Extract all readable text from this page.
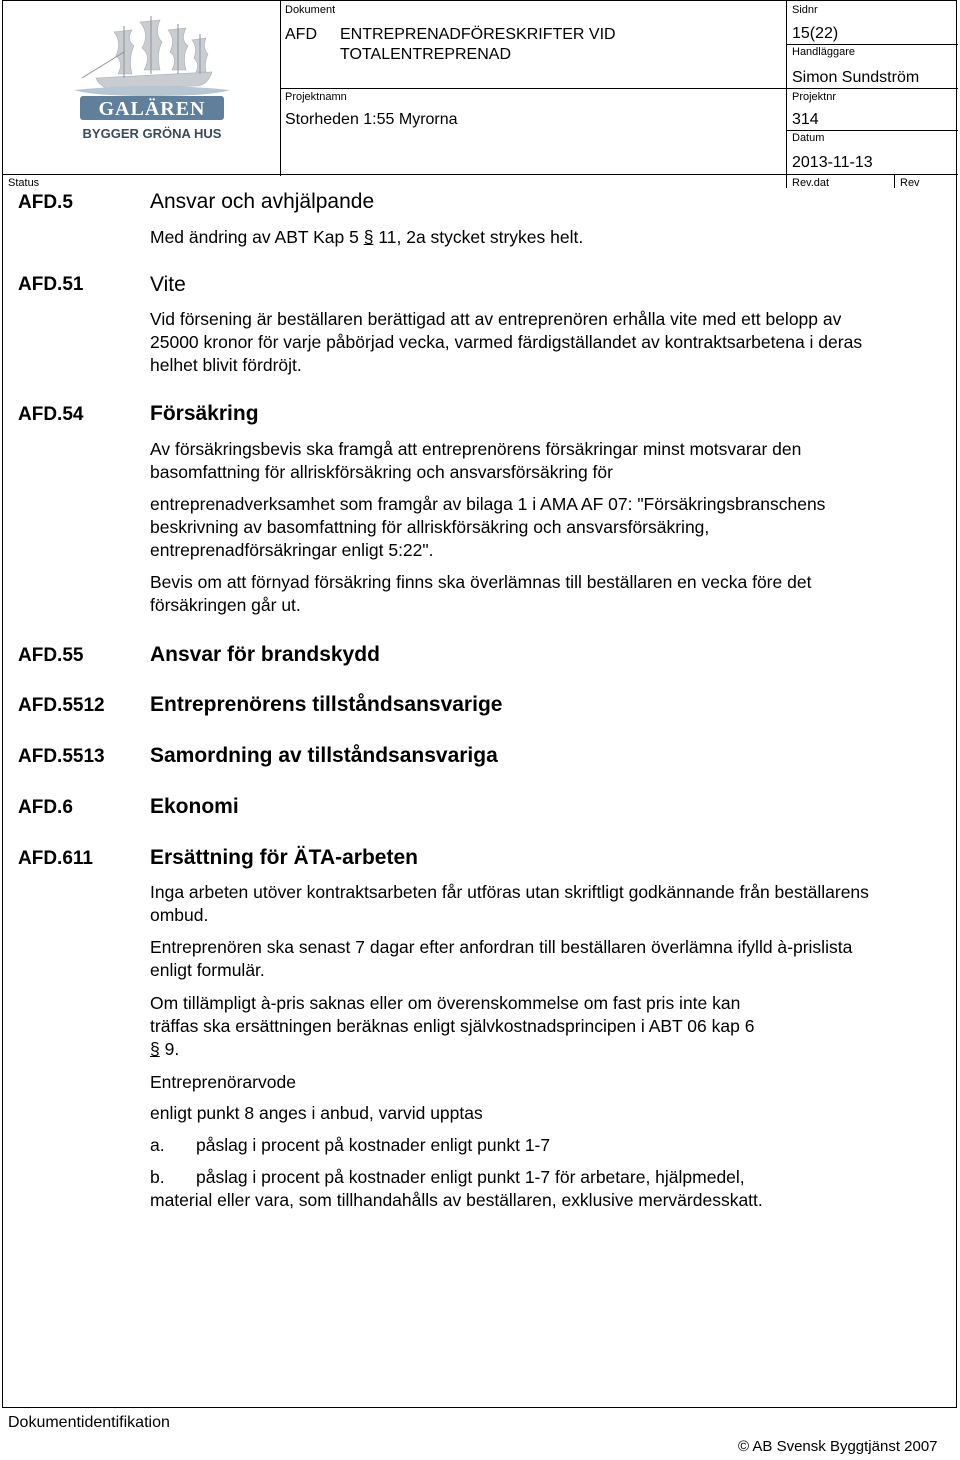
GALÄREN
BYGGER GRÖNA HUS
Dokument
AFD ENTREPRENADFÖRESKRIFTER VID
TOTALENTREPRENAD
Sidnr
15(22)
Handläggare
Simon Sundström
Projektnamn
Storheden 1:55 Myrorna
Projektnr
314
Datum
2013-11-13
Status	Rev.dat	Rev
AFD.5	Ansvar och avhjälpande
Med ändring av ABT Kap 5 § 11, 2a stycket strykes helt.
AFD.51	Vite
Vid försening är beställaren berättigad att av entreprenören erhålla vite med ett belopp av 25000 kronor för varje påbörjad vecka, varmed färdigställandet av kontraktsarbetena i deras helhet blivit fördröjt.
AFD.54	Försäkring
Av försäkringsbevis ska framgå att entreprenörens försäkringar minst motsvarar den basomfattning för allriskförsäkring och ansvarsförsäkring för
entreprenadverksamhet som framgår av bilaga 1 i AMA AF 07: "Försäkringsbranschens beskrivning av basomfattning för allriskförsäkring och ansvarsförsäkring, entreprenadförsäkringar enligt 5:22".
Bevis om att förnyad försäkring finns ska överlämnas till beställaren en vecka före det försäkringen går ut.
AFD.55	Ansvar för brandskydd
AFD.5512 Entreprenörens tillståndsansvarige
AFD.5513 Samordning av tillståndsansvariga
AFD.6	Ekonomi
AFD.611	Ersättning för ÄTA-arbeten
Inga arbeten utöver kontraktsarbeten får utföras utan skriftligt godkännande från beställarens ombud.
Entreprenören ska senast 7 dagar efter anfordran till beställaren överlämna ifylld à-prislista enligt formulär.
Om tillämpligt à-pris saknas eller om överenskommelse om fast pris inte kan
träffas ska ersättningen beräknas enligt självkostnadsprincipen i ABT 06 kap 6
§ 9.
Entreprenörarvode
enligt punkt 8 anges i anbud, varvid upptas
a. påslag i procent på kostnader enligt punkt 1-7
b. påslag i procent på kostnader enligt punkt 1-7 för arbetare, hjälpmedel,
material eller vara, som tillhandahålls av beställaren, exklusive mervärdesskatt.
Dokumentidentifikation
© AB Svensk Byggtjänst 2007
